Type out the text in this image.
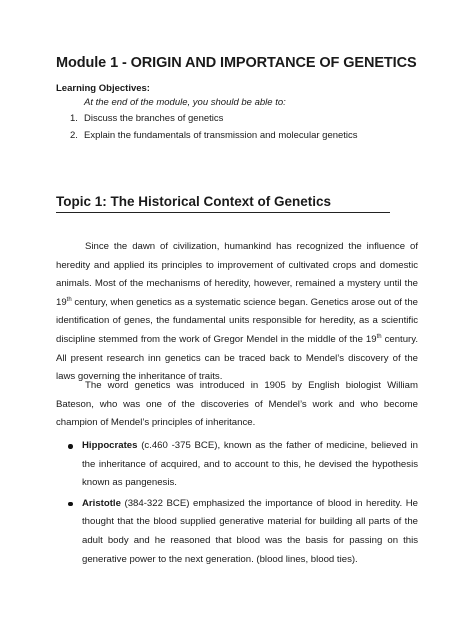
Module 1 - ORIGIN AND IMPORTANCE OF GENETICS
Learning Objectives:
At the end of the module, you should be able to:
1. Discuss the branches of genetics
2. Explain the fundamentals of transmission and molecular genetics
Topic 1: The Historical Context of Genetics

Since the dawn of civilization, humankind has recognized the influence of heredity and applied its principles to improvement of cultivated crops and domestic animals. Most of the mechanisms of heredity, however, remained a mystery until the 19th century, when genetics as a systematic science began. Genetics arose out of the identification of genes, the fundamental units responsible for heredity, as a scientific discipline stemmed from the work of Gregor Mendel in the middle of the 19th century. All present research inn genetics can be traced back to Mendel’s discovery of the laws governing the inheritance of traits.

The word genetics was introduced in 1905 by English biologist William Bateson, who was one of the discoveries of Mendel’s work and who become champion of Mendel’s principles of inheritance.

Hippocrates (c.460 -375 BCE), known as the father of medicine, believed in the inheritance of acquired, and to account to this, he devised the hypothesis known as pangenesis.
Aristotle (384-322 BCE) emphasized the importance of blood in heredity. He thought that the blood supplied generative material for building all parts of the adult body and he reasoned that blood was the basis for passing on this generative power to the next generation. (blood lines, blood ties).
